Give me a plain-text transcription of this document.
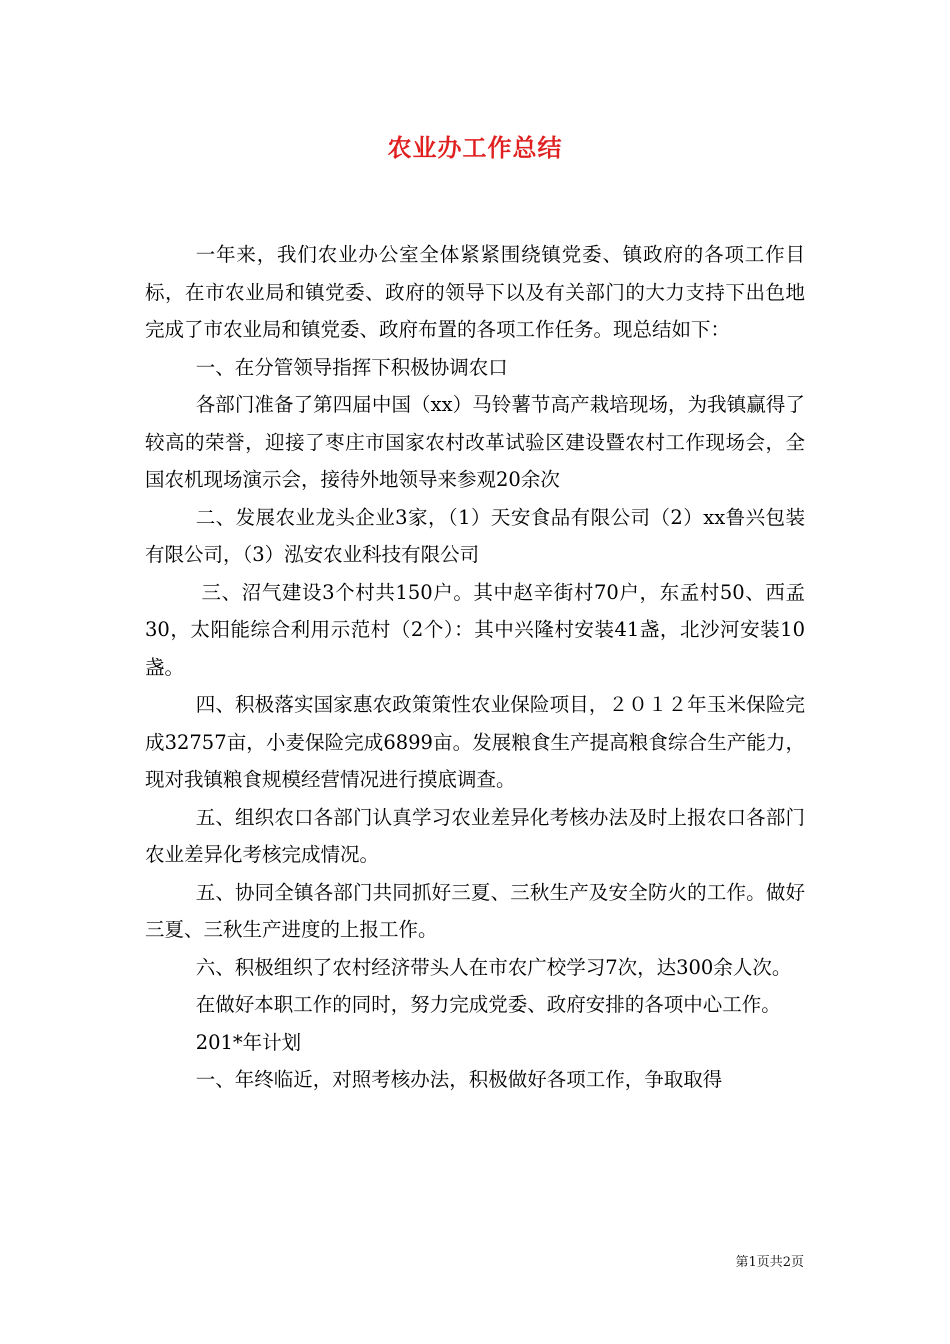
农业办工作总结

一年来，我们农业办公室全体紧紧围绕镇党委、镇政府的各项工作目标，在市农业局和镇党委、政府的领导下以及有关部门的大力支持下出色地完成了市农业局和镇党委、政府布置的各项工作任务。现总结如下：

一、在分管领导指挥下积极协调农口

各部门准备了第四届中国（xx）马铃薯节高产栽培现场，为我镇赢得了较高的荣誉，迎接了枣庄市国家农村改革试验区建设暨农村工作现场会，全国农机现场演示会，接待外地领导来参观20余次

二、发展农业龙头企业3家，（1）天安食品有限公司（2）xx鲁兴包装有限公司，（3）泓安农业科技有限公司

三、沼气建设3个村共150户。其中赵辛街村70户，东孟村50、西孟30，太阳能综合利用示范村（2个）：其中兴隆村安装41盏，北沙河安装10盏。

四、积极落实国家惠农政策策性农业保险项目，２０１２年玉米保险完成32757亩，小麦保险完成6899亩。发展粮食生产提高粮食综合生产能力，现对我镇粮食规模经营情况进行摸底调查。

五、组织农口各部门认真学习农业差异化考核办法及时上报农口各部门农业差异化考核完成情况。

五、协同全镇各部门共同抓好三夏、三秋生产及安全防火的工作。做好三夏、三秋生产进度的上报工作。

六、积极组织了农村经济带头人在市农广校学习7次，达300余人次。

在做好本职工作的同时，努力完成党委、政府安排的各项中心工作。

201*年计划

一、年终临近，对照考核办法，积极做好各项工作，争取取得

第1页共2页
